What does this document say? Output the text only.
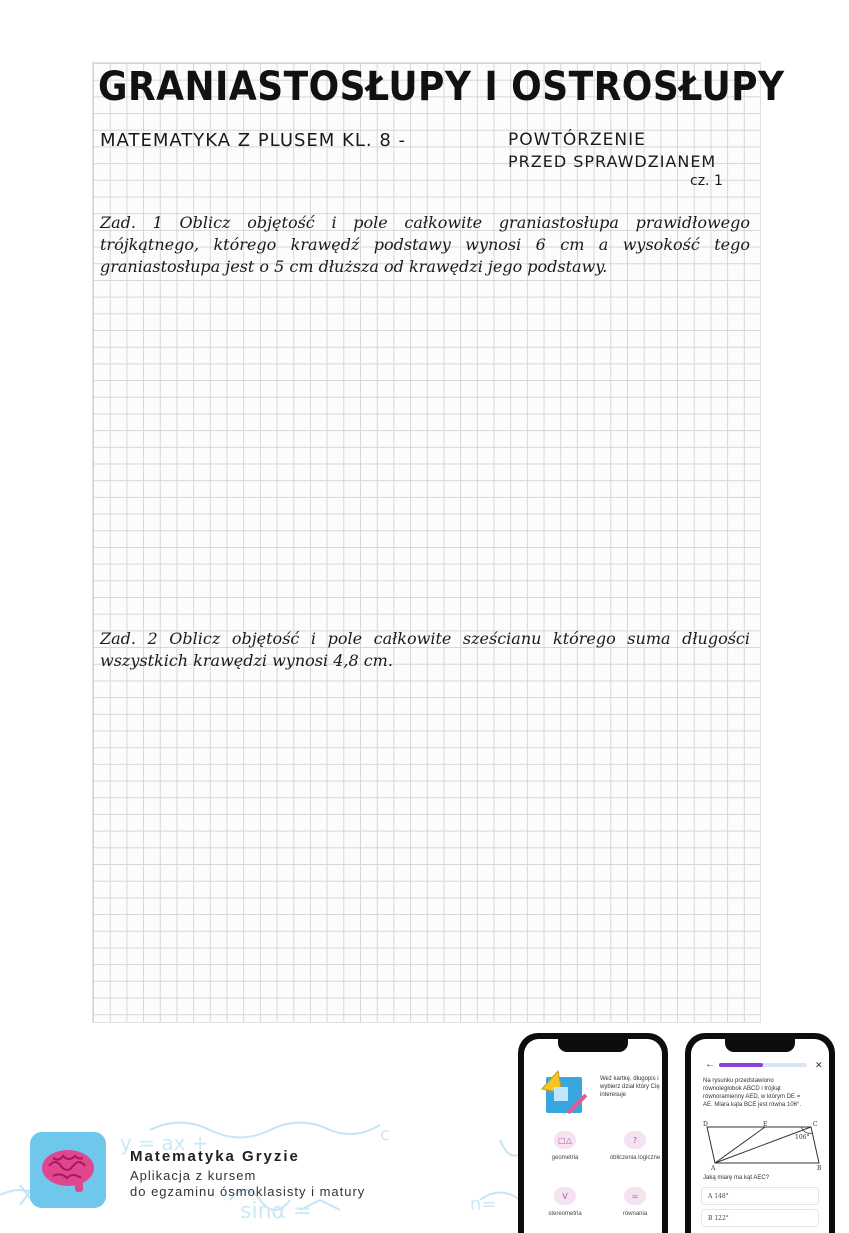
GRANIASTOSŁUPY I OSTROSŁUPY
MATEMATYKA Z PLUSEM KL. 8 -	POWTÓRZENIE
PRZED SPRAWDZIANEM
cz. 1
Zad. 1 Oblicz objętość i pole całkowite graniastosłupa prawidłowego trójkątnego, którego krawędź podstawy wynosi 6 cm a wysokość tego graniastosłupa jest o 5 cm dłuższa od krawędzi jego podstawy.
Zad. 2 Oblicz objętość i pole całkowite sześcianu którego suma długości wszystkich krawędzi wynosi 4,8 cm.
y = ax +
sinα =
c
n=
Matematyka Gryzie
Aplikacja z kursem
do egzaminu ósmoklasisty i matury
Weź kartkę, długopis i wybierz dział który Cię interesuje
□△
geometria
?
obliczenia logiczne
V
stereometria
=
równania
←	✕
Na rysunku przedstawiono równoległobok ABCD i trójkąt równoramienny AED, w którym DE = AE. Miara kąta BCE jest równa 106°.
106°
D	E	C
A	B
Jaką miarę ma kąt AEC?
A 148°
B 122°
